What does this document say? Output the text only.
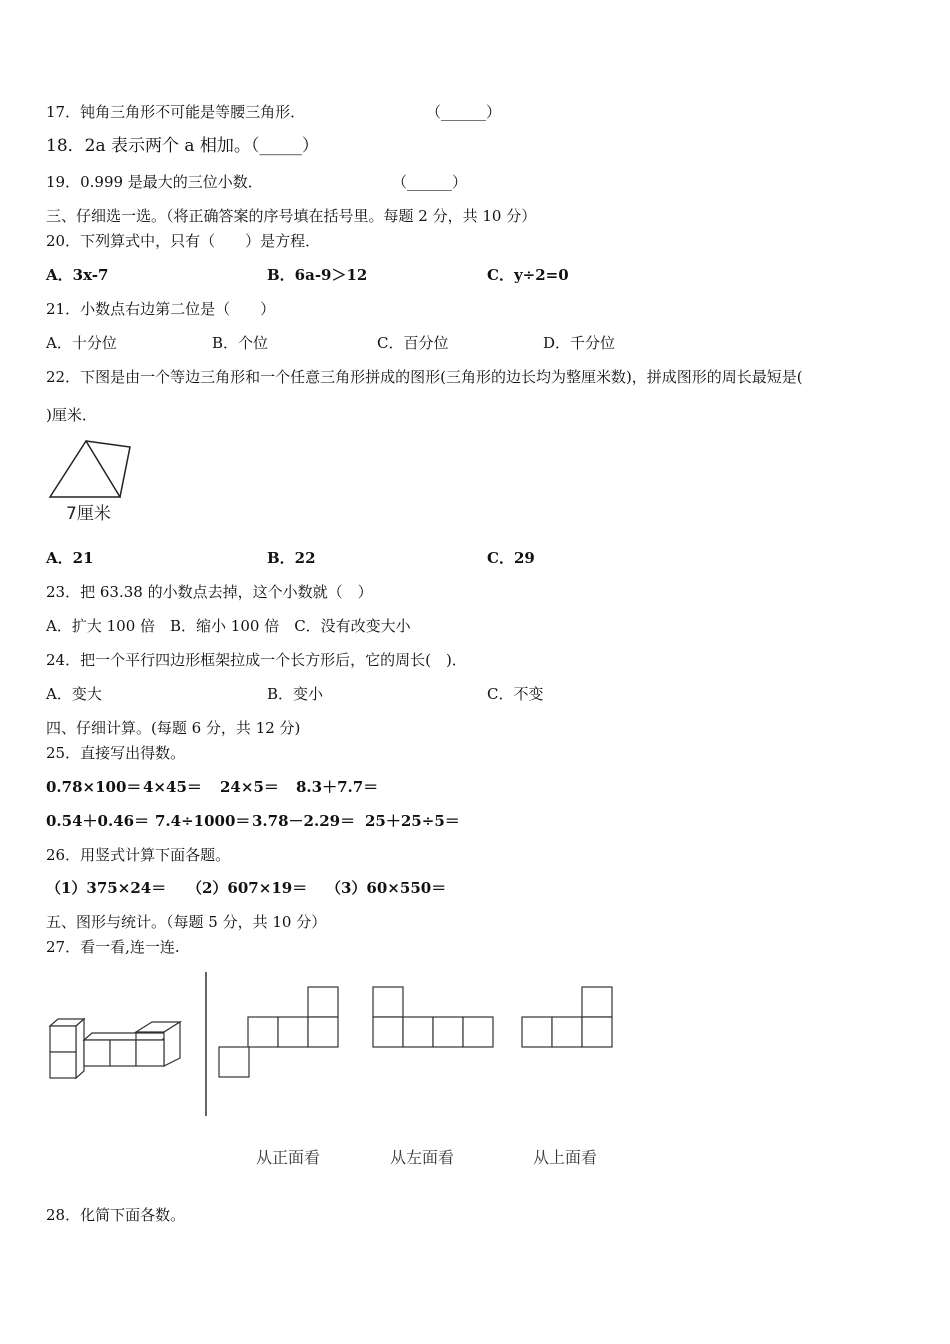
17．钝角三角形不可能是等腰三角形．	（______）
18．2a 表示两个 a 相加。（_____）
19．0.999 是最大的三位小数．	（______）
三、仔细选一选。（将正确答案的序号填在括号里。每题 2 分，共 10 分）
20．下列算式中，只有（　　）是方程．
A．3x-7	B．6a-9＞12	C．y÷2=0
21．小数点右边第二位是（　　）
A．十分位	B．个位	C．百分位	D．千分位
22．下图是由一个等边三角形和一个任意三角形拼成的图形(三角形的边长均为整厘米数)，拼成图形的周长最短是(
)厘米．
7厘米
A．21	B．22	C．29
23．把 63.38 的小数点去掉，这个小数就（　）
A．扩大 100 倍　B．缩小 100 倍　C．没有改变大小
24．把一个平行四边形框架拉成一个长方形后，它的周长(　)．
A．变大	B．变小	C．不变
四、仔细计算。(每题 6 分，共 12 分)
25．直接写出得数。
0.78×100＝ 4×45＝ 24×5＝ 8.3＋7.7＝
0.54＋0.46＝ 7.4÷1000＝ 3.78－2.29＝ 25＋25÷5＝
26．用竖式计算下面各题。
（1）375×24＝ （2）607×19＝ （3）60×550＝
五、图形与统计。（每题 5 分，共 10 分）
27．看一看,连一连.
从正面看	从左面看	从上面看
28．化简下面各数。
